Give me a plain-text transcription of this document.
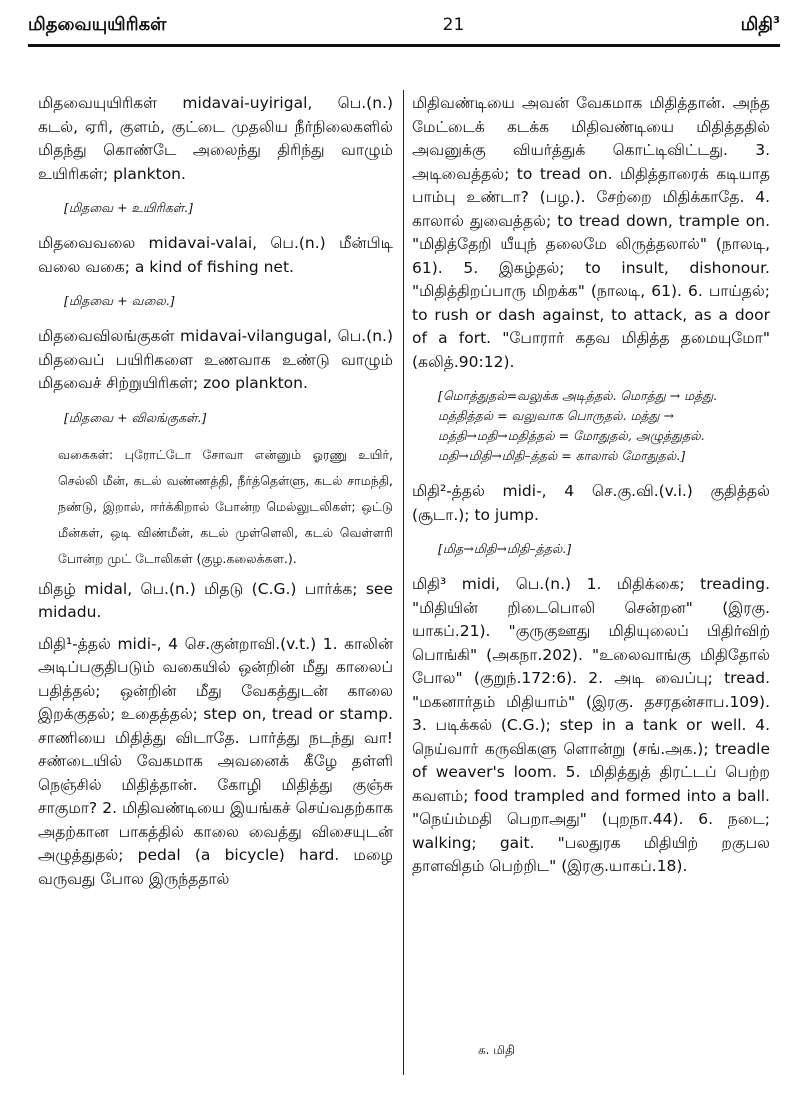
மிதவையுயிரிகள்	21	மிதி$^3$

மிதவையுயிரிகள் midavai-uyirigal, பெ.(n.) கடல், ஏரி, குளம், குட்டை முதலிய நீர்நிலைகளில் மிதந்து கொண்டே அலைந்து திரிந்து வாழும் உயிரிகள்; plankton.

[மிதவை + உயிரிகள்.]

மிதவைவலை midavai-valai, பெ.(n.) மீன்பிடி வலை வகை; a kind of fishing net.

[மிதவை + வலை.]

மிதவைவிலங்குகள் midavai-vilangugal, பெ.(n.) மிதவைப் பயிரிகளை உணவாக உண்டு வாழும் மிதவைச் சிற்றுயிரிகள்; zoo plankton.

[மிதவை + விலங்குகள்.]
வகைகள்: புரோட்டோ சோவா என்னும் ஓரணு உயிர், செல்லி மீன், கடல் வண்ணத்தி, நீர்த்தெள்ளு, கடல் சாமந்தி, நண்டு, இறால், ஈர்க்கிறால் போன்ற மெல்லுடலிகள்; ஒட்டு மீன்கள், ஒடி விண்மீன், கடல் முள்ளெலி, கடல் வெள்ளரி போன்ற முட் டோலிகள் (குழ.கலைக்கள.).

மிதழ் midal, பெ.(n.) மிதடு (C.G.) பார்க்க; see midadu.

மிதி¹-த்தல் midi-, 4 செ.குன்றாவி.(v.t.) 1. காலின் அடிப்பகுதிபடும் வகையில் ஒன்றின் மீது காலைப் பதித்தல்; ஒன்றின் மீது வேகத்துடன் காலை இறக்குதல்; உதைத்தல்; step on, tread or stamp. சாணியை மிதித்து விடாதே. பார்த்து நடந்து வா! சண்டையில் வேகமாக அவனைக் கீழே தள்ளி நெஞ்சில் மிதித்தான். கோழி மிதித்து குஞ்சு சாகுமா? 2. மிதிவண்டியை இயங்கச் செய்வதற்காக அதற்கான பாகத்தில் காலை வைத்து விசையுடன் அழுத்துதல்; pedal (a bicycle) hard. மழை வருவது போல இருந்ததால்

மிதிவண்டியை அவன் வேகமாக மிதித்தான். அந்த மேட்டைக் கடக்க மிதிவண்டியை மிதித்ததில் அவனுக்கு வியர்த்துக் கொட்டிவிட்டது. 3. அடிவைத்தல்; to tread on. மிதித்தாரைக் கடியாத பாம்பு உண்டா? (பழ.). சேற்றை மிதிக்காதே. 4. காலால் துவைத்தல்; to tread down, trample on. "மிதித்தேறி யீயுந் தலைமே லிருத்தலால்" (நாலடி, 61). 5. இகழ்தல்; to insult, dishonour. "மிதித்திறப்பாரு மிறக்க" (நாலடி, 61). 6. பாய்தல்; to rush or dash against, to attack, as a door of a fort. "போரார் கதவ மிதித்த தமையுமோ" (கலித்.90:12).

[மொத்துதல்=வலுக்க அடித்தல். மொத்து → மத்து. மத்தித்தல் = வலுவாக பொருதல். மத்து → மத்தி→மதி→மதித்தல் = மோதுதல், அழுத்துதல். மதி→மிதி→மிதி–த்தல் = காலால் மோதுதல்.]

மிதி²-த்தல் midi-, 4 செ.கு.வி.(v.i.) குதித்தல் (சூடா.); to jump.

[மித→மிதி→மிதி–த்தல்.]

மிதி³ midi, பெ.(n.) 1. மிதிக்கை; treading. "மிதியின் றிடைபொலி சென்றன" (இரகு. யாகப்.21). "குருகுஊது மிதியுலைப் பிதிர்விற் பொங்கி" (அகநா.202). "உலைவாங்கு மிதிதோல் போல" (குறுந்.172:6). 2. அடி வைப்பு; tread. "மகனார்தம் மிதியாம்" (இரகு. தசரதன்சாப.109). 3. படிக்கல் (C.G.); step in a tank or well. 4. நெய்வார் கருவிகளு ளொன்று (சங்.அக.); treadle of weaver's loom. 5. மிதித்துத் திரட்டப் பெற்ற கவளம்; food trampled and formed into a ball. "நெய்ம்மதி பெறாஅது" (புறநா.44). 6. நடை; walking; gait. "பலதுரக மிதியிற் றகுபல தாளவிதம் பெற்றிட" (இரகு.யாகப்.18).

க. மிதி
